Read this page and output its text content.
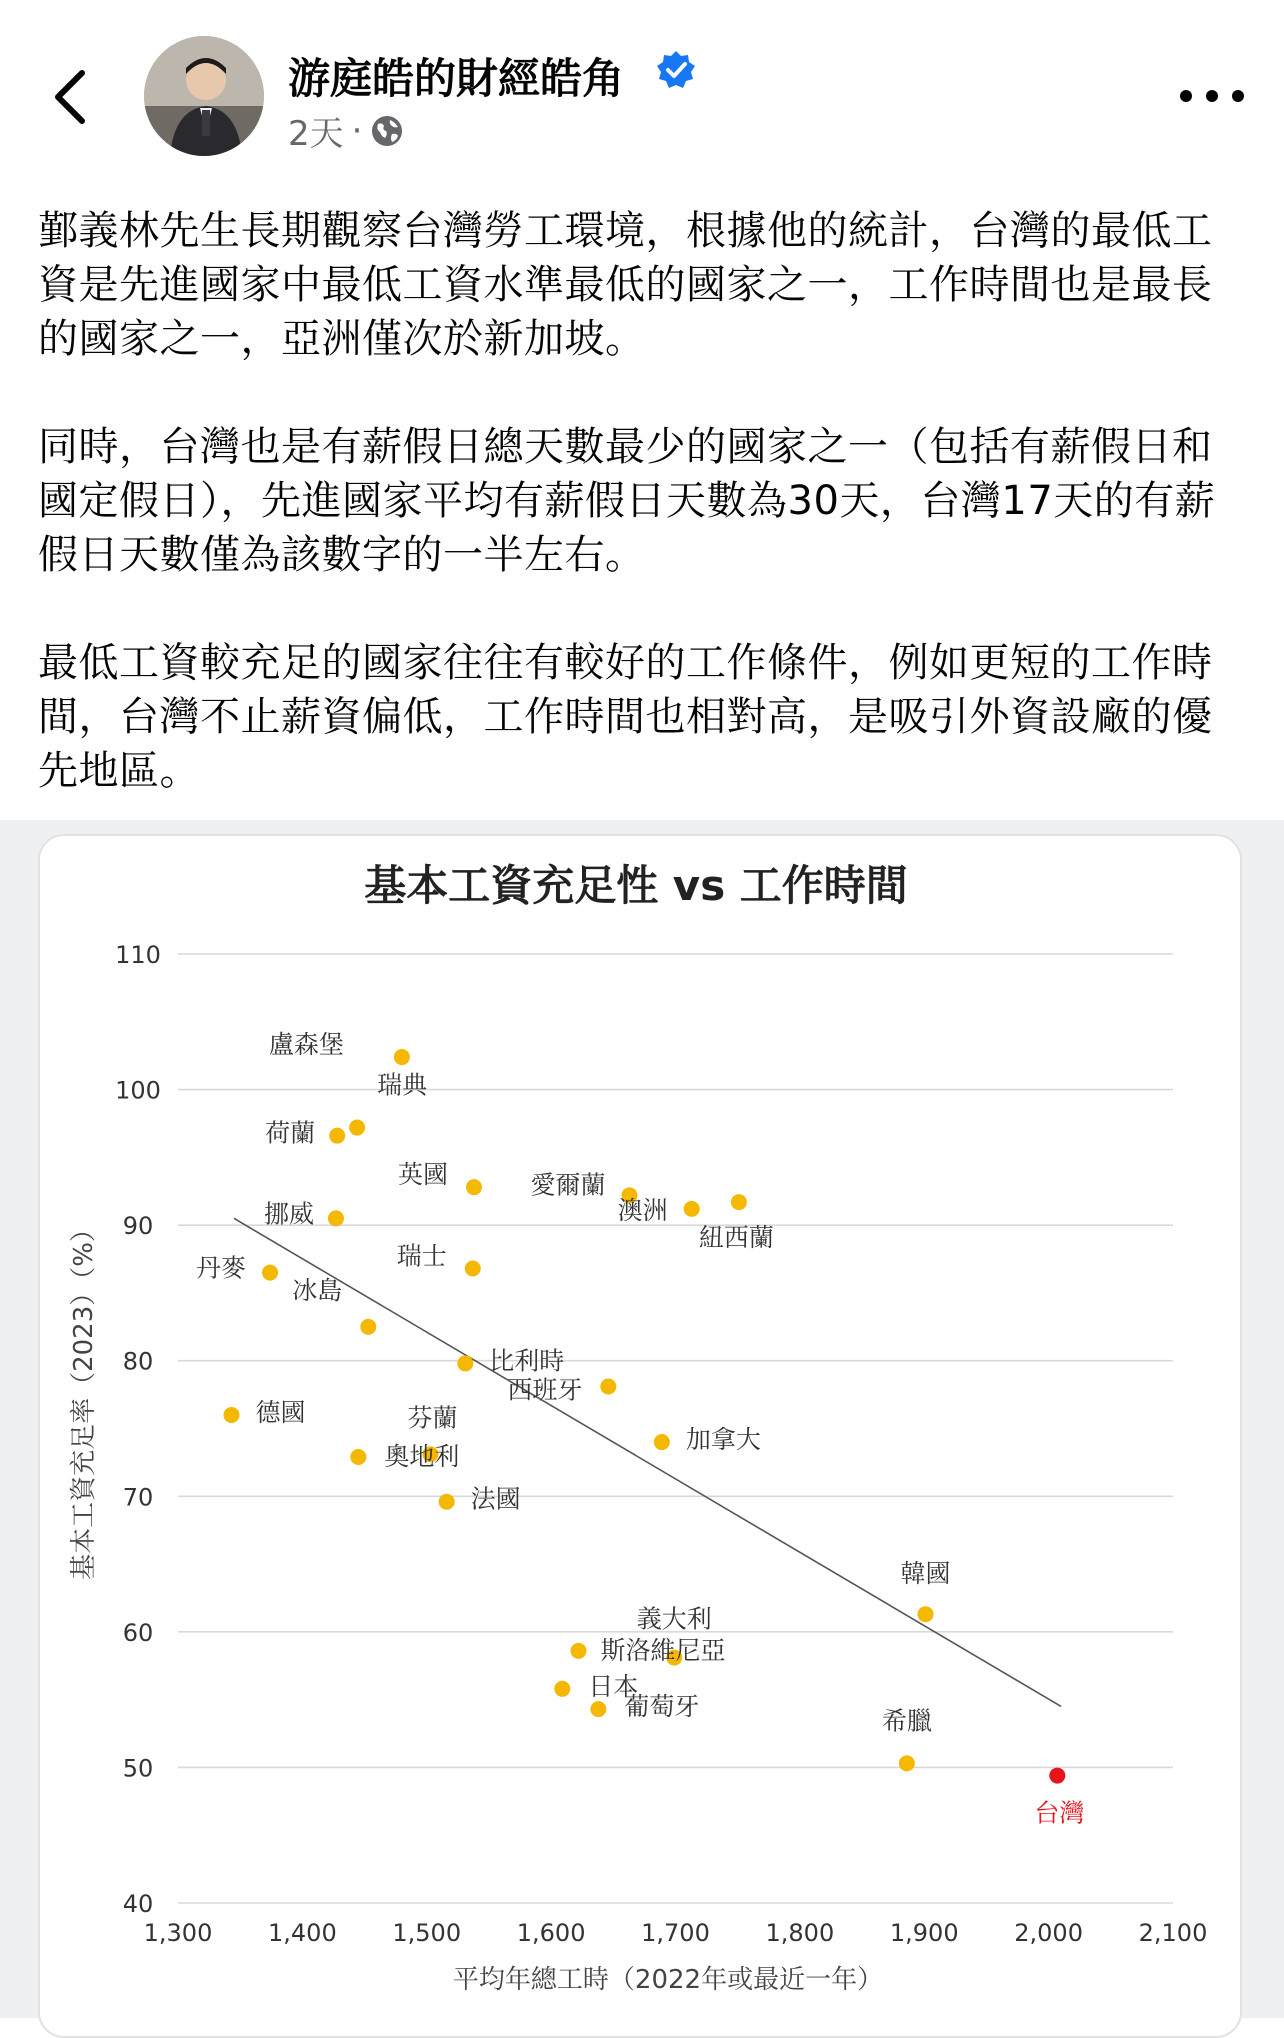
游庭皓的財經皓角
2天 ·

鄞義林先生長期觀察台灣勞工環境，根據他的統計，台灣的最低工資是先進國家中最低工資水準最低的國家之一，工作時間也是最長的國家之一，亞洲僅次於新加坡。

同時，台灣也是有薪假日總天數最少的國家之一（包括有薪假日和國定假日），先進國家平均有薪假日天數為30天，台灣17天的有薪假日天數僅為該數字的一半左右。

最低工資較充足的國家往往有較好的工作條件，例如更短的工作時間，台灣不止薪資偏低，工作時間也相對高，是吸引外資設廠的優先地區。

基本工資充足性 vs 工作時間
40
50
60
70
80
90
100
110
1,300 1,400 1,500 1,600 1,700 1,800 1,900 2,000 2,100
盧森堡
瑞典
荷蘭
英國	愛爾蘭
澳洲
紐西蘭
挪威
丹麥	瑞士
冰島
比利時
西班牙
德國	芬蘭
奧地利
加拿大
法國
韓國
義大利
斯洛維尼亞
日本
葡萄牙	希臘
台灣
平均年總工時（2022年或最近一年）
基本工資充足率（2023）（%）
